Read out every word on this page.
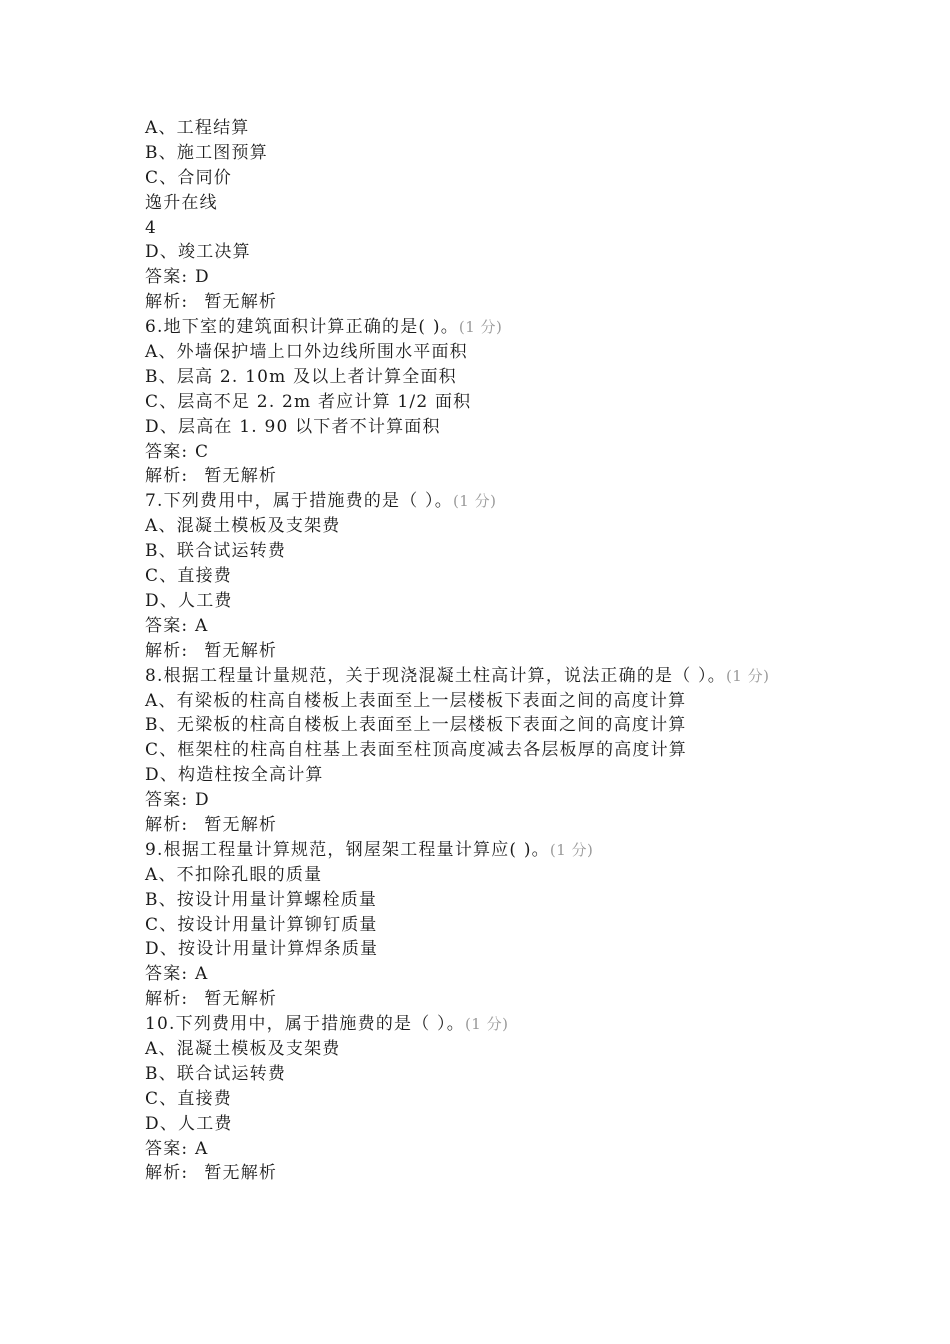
A、工程结算
B、施工图预算
C、合同价
逸升在线
4
D、竣工决算
答案: D
解析: 暂无解析
6.地下室的建筑面积计算正确的是( )。(1 分)
A、外墙保护墙上口外边线所围水平面积
B、层高 2. 10m 及以上者计算全面积
C、层高不足 2. 2m 者应计算 1/2 面积
D、层高在 1. 90 以下者不计算面积
答案: C
解析: 暂无解析
7.下列费用中，属于措施费的是（ ）。(1 分)
A、混凝土模板及支架费
B、联合试运转费
C、直接费
D、人工费
答案: A
解析: 暂无解析
8.根据工程量计量规范，关于现浇混凝土柱高计算，说法正确的是（ ）。(1 分)
A、有梁板的柱高自楼板上表面至上一层楼板下表面之间的高度计算
B、无梁板的柱高自楼板上表面至上一层楼板下表面之间的高度计算
C、框架柱的柱高自柱基上表面至柱顶高度减去各层板厚的高度计算
D、构造柱按全高计算
答案: D
解析: 暂无解析
9.根据工程量计算规范，钢屋架工程量计算应( )。(1 分)
A、不扣除孔眼的质量
B、按设计用量计算螺栓质量
C、按设计用量计算铆钉质量
D、按设计用量计算焊条质量
答案: A
解析: 暂无解析
10.下列费用中，属于措施费的是（ ）。(1 分)
A、混凝土模板及支架费
B、联合试运转费
C、直接费
D、人工费
答案: A
解析: 暂无解析
